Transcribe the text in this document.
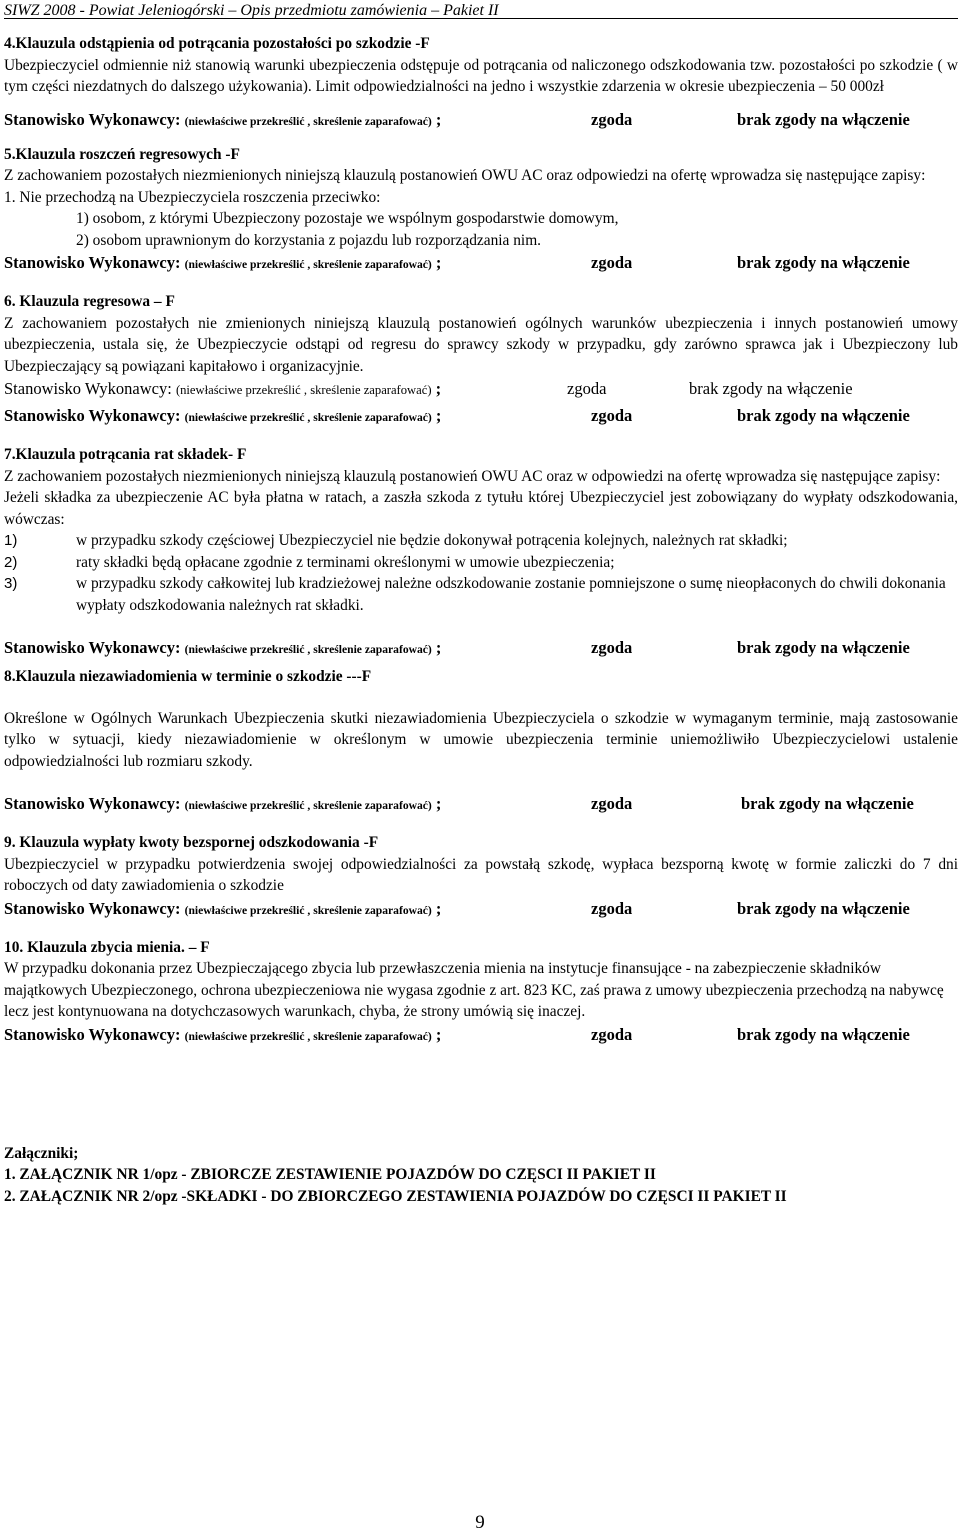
SIWZ 2008 - Powiat Jeleniogórski – Opis przedmiotu zamówienia – Pakiet II
4.Klauzula odstąpienia od potrącania pozostałości po szkodzie -F

Ubezpieczyciel odmiennie niż stanowią warunki ubezpieczenia odstępuje od potrącania od naliczonego odszkodowania tzw. pozostałości po szkodzie ( w tym części niezdatnych do dalszego użykowania). Limit odpowiedzialności na jedno i wszystkie zdarzenia w okresie ubezpieczenia – 50 000zł

Stanowisko Wykonawcy: (niewłaściwe przekreślić , skreślenie zaparafować) ;	zgoda	brak zgody na włączenie
5.Klauzula roszczeń regresowych -F

Z zachowaniem pozostałych niezmienionych niniejszą klauzulą postanowień OWU AC oraz odpowiedzi na ofertę wprowadza się następujące zapisy:

1. Nie przechodzą na Ubezpieczyciela roszczenia przeciwko:

1) osobom, z którymi Ubezpieczony pozostaje we wspólnym gospodarstwie domowym,
2) osobom uprawnionym do korzystania z pojazdu lub rozporządzania nim.
Stanowisko Wykonawcy: (niewłaściwe przekreślić , skreślenie zaparafować) ;	zgoda	brak zgody na włączenie
6. Klauzula regresowa – F

Z zachowaniem pozostałych nie zmienionych niniejszą klauzulą postanowień ogólnych warunków ubezpieczenia i innych postanowień umowy ubezpieczenia, ustala się, że Ubezpieczycie odstąpi od regresu do sprawcy szkody w przypadku, gdy zarówno sprawca jak i Ubezpieczony lub Ubezpieczający są powiązani kapitałowo i organizacyjnie.

Stanowisko Wykonawcy: (niewłaściwe przekreślić , skreślenie zaparafować) ;	zgoda	brak zgody na włączenie
Stanowisko Wykonawcy: (niewłaściwe przekreślić , skreślenie zaparafować) ;	zgoda	brak zgody na włączenie
7.Klauzula potrącania rat składek- F

Z zachowaniem pozostałych niezmienionych niniejszą klauzulą postanowień OWU AC oraz w odpowiedzi na ofertę wprowadza się następujące zapisy:

Jeżeli składka za ubezpieczenie AC była płatna w ratach, a zaszła szkoda z tytułu której Ubezpieczyciel jest zobowiązany do wypłaty odszkodowania, wówczas:

1)	w przypadku szkody częściowej Ubezpieczyciel nie będzie dokonywał potrącenia kolejnych, należnych rat składki;
2)	raty składki będą opłacane zgodnie z terminami określonymi w umowie ubezpieczenia;
3)	w przypadku szkody całkowitej lub kradzieżowej należne odszkodowanie zostanie pomniejszone o sumę nieopłaconych do chwili dokonania wypłaty odszkodowania należnych rat składki.
Stanowisko Wykonawcy: (niewłaściwe przekreślić , skreślenie zaparafować) ;	zgoda	brak zgody na włączenie
8.Klauzula niezawiadomienia w terminie o szkodzie ---F

Określone w Ogólnych Warunkach Ubezpieczenia skutki niezawiadomienia Ubezpieczyciela o szkodzie w wymaganym terminie, mają zastosowanie tylko w sytuacji, kiedy niezawiadomienie w określonym w umowie ubezpieczenia terminie uniemożliwiło Ubezpieczycielowi ustalenie odpowiedzialności lub rozmiaru szkody.

Stanowisko Wykonawcy: (niewłaściwe przekreślić , skreślenie zaparafować) ;	zgoda	brak zgody na włączenie
9. Klauzula wypłaty kwoty bezspornej odszkodowania -F

Ubezpieczyciel w przypadku potwierdzenia swojej odpowiedzialności za powstałą szkodę, wypłaca bezsporną kwotę w formie zaliczki do 7 dni roboczych od daty zawiadomienia o szkodzie

Stanowisko Wykonawcy: (niewłaściwe przekreślić , skreślenie zaparafować) ;	zgoda	brak zgody na włączenie
10. Klauzula zbycia mienia. – F

W przypadku dokonania przez Ubezpieczającego zbycia lub przewłaszczenia mienia na instytucje finansujące - na zabezpieczenie składników majątkowych Ubezpieczonego, ochrona ubezpieczeniowa nie wygasa zgodnie z art. 823 KC, zaś prawa z umowy ubezpieczenia przechodzą na nabywcę lecz jest kontynuowana na dotychczasowych warunkach, chyba, że strony umówią się inaczej.

Stanowisko Wykonawcy: (niewłaściwe przekreślić , skreślenie zaparafować) ;	zgoda	brak zgody na włączenie
Załączniki;
1. ZAŁĄCZNIK NR 1/opz - ZBIORCZE ZESTAWIENIE POJAZDÓW DO CZĘSCI II PAKIET II
2. ZAŁĄCZNIK NR 2/opz -SKŁADKI - DO ZBIORCZEGO ZESTAWIENIA POJAZDÓW DO CZĘSCI II PAKIET II
9
